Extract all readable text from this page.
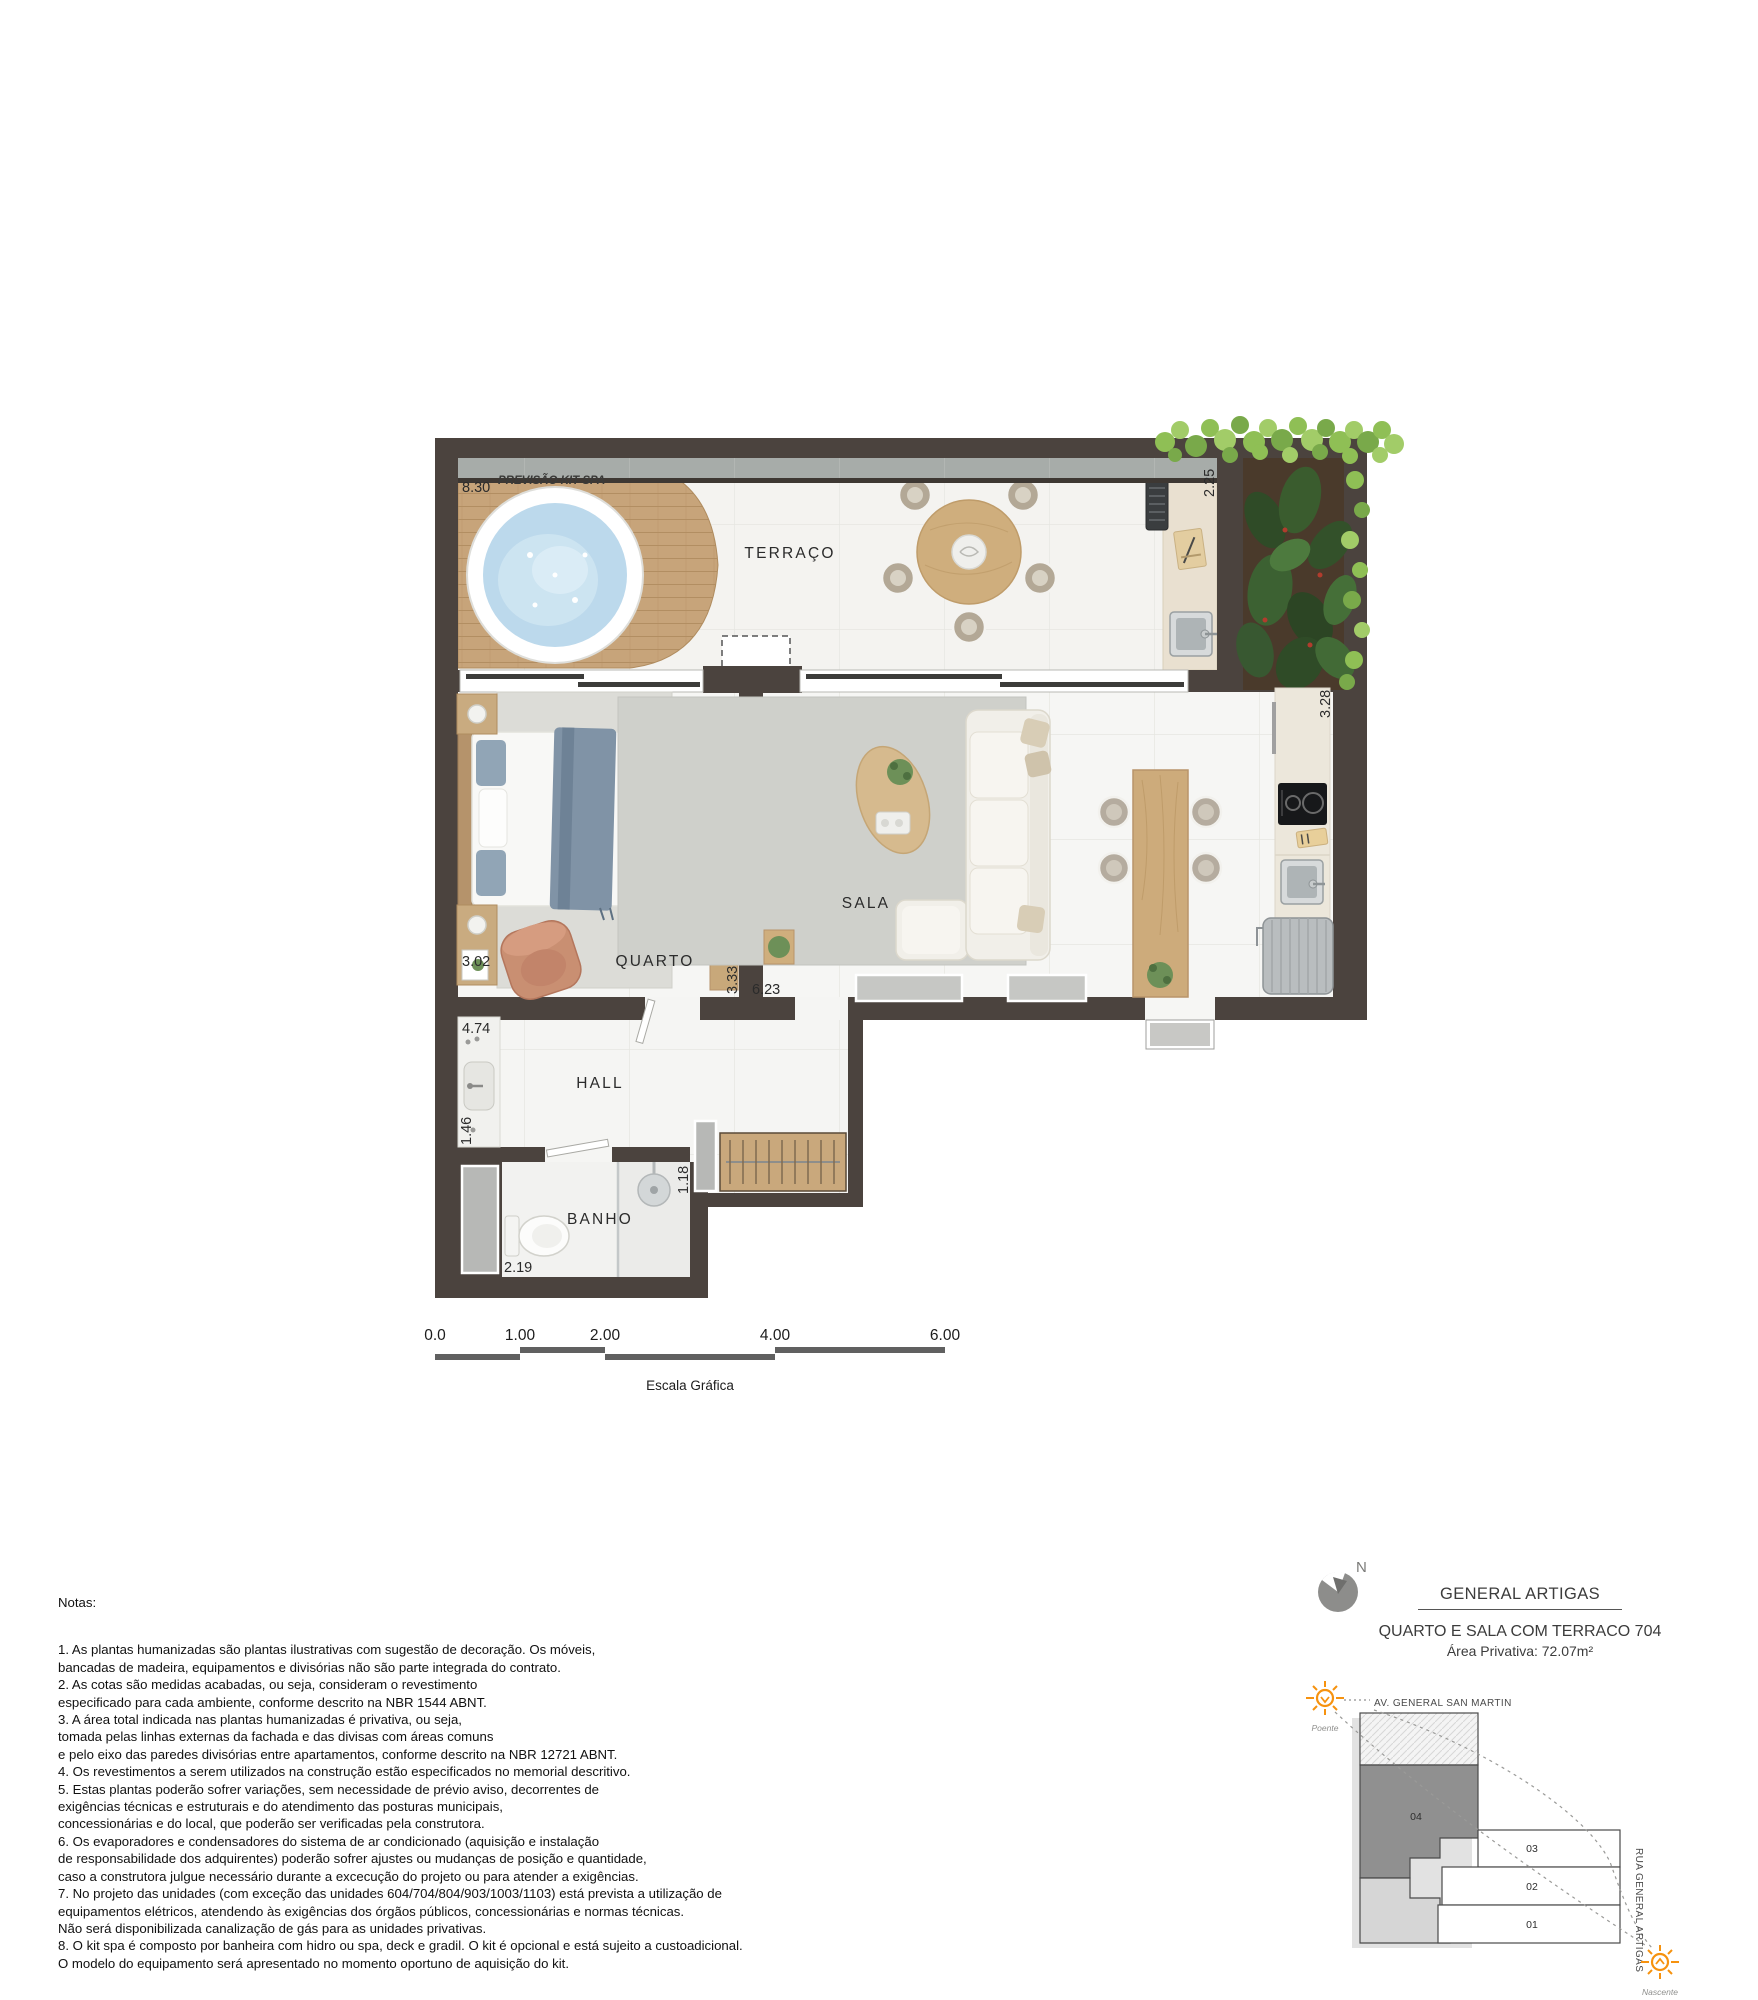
TERRAÇO
QUARTO
SALA
HALL
BANHO
PREVISÃO KIT SPA
8.30	2.25
3.28
3.02
3.33 6.23
4.74
1.46
1.18
2.19
0.0	1.00	2.00	4.00	6.00
Escala Gráfica
N
04
03
02
01
AV. GENERAL SAN MARTIN
RUA GENERAL ARTIGAS
Poente
Nascente
Notas:
1. As plantas humanizadas são plantas ilustrativas com sugestão de decoração. Os móveis,
bancadas de madeira, equipamentos e divisórias não são parte integrada do contrato.
2. As cotas são medidas acabadas, ou seja, consideram o revestimento
especificado para cada ambiente, conforme descrito na NBR 1544 ABNT.
3. A área total indicada nas plantas humanizadas é privativa, ou seja,
tomada pelas linhas externas da fachada e das divisas com áreas comuns
e pelo eixo das paredes divisórias entre apartamentos, conforme descrito na NBR 12721 ABNT.
4. Os revestimentos a serem utilizados na construção estão especificados no memorial descritivo.
5. Estas plantas poderão sofrer variações, sem necessidade de prévio aviso, decorrentes de
exigências técnicas e estruturais e do atendimento das posturas municipais,
concessionárias e do local, que poderão ser verificadas pela construtora.
6. Os evaporadores e condensadores do sistema de ar condicionado (aquisição e instalação
de responsabilidade dos adquirentes) poderão sofrer ajustes ou mudanças de posição e quantidade,
caso a construtora julgue necessário durante a excecução do projeto ou para atender a exigências.
7. No projeto das unidades (com exceção das unidades 604/704/804/903/1003/1103) está prevista a utilização de
equipamentos elétricos, atendendo às exigências dos órgãos públicos, concessionárias e normas técnicas.
Não será disponibilizada canalização de gás para as unidades privativas.
8. O kit spa é composto por banheira com hidro ou spa, deck e gradil. O kit é opcional e está sujeito a custoadicional.
O modelo do equipamento será apresentado no momento oportuno de aquisição do kit.
GENERAL ARTIGAS
QUARTO E SALA COM TERRACO 704
Área Privativa: 72.07m²
